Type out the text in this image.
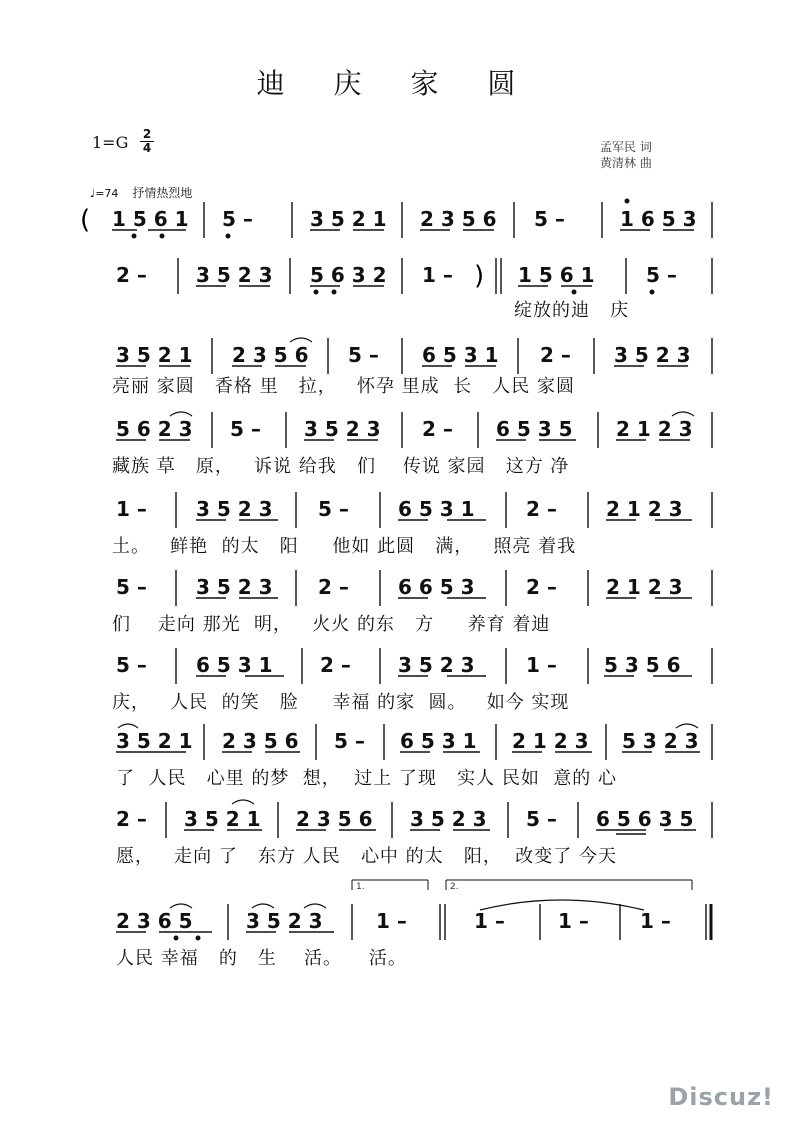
迪 庆 家 圆
$1=G \frac{2}{4}$	孟军民 词
黄清林 曲
♩=74 抒情热烈地
( 1 5 6 1 5 –	3 5 2 1 2 3 5 6 5 –	1 6 5 3
2 – 3 5 2 3 5 6 3 2 1 – ) 1 5 6 1	5 –
绽放的迪   庆
3 5 2 1 2 3 5 6 5 – 6 5 3 1 2 – 3 5 2 3
亮丽 家圆   香格 里   拉，   怀孕 里成  长   人民 家圆
5 6 2 3 5 – 3 5 2 3 2 – 6 5 3 5 2 1 2 3
藏族 草   原，   诉说 给我   们    传说 家园   这方 净
1 – 3 5 2 3 5 – 6 5 3 1	2 – 2 1 2 3
土。   鲜艳  的太   阳     他如 此圆   满，   照亮 着我
5 – 3 5 2 3 2 – 6 6 5 3	2 – 2 1 2 3
们    走向 那光  明，   火火 的东   方     养育 着迪
5 – 6 5 3 1 2 – 3 5 2 3	1 – 5 3 5 6
庆，   人民  的笑   脸     幸福 的家  圆。   如今 实现
3 5 2 1 2 3 5 6 5 – 6 5 3 1 2 1 2 3 5 3 2 3
了  人民   心里 的梦  想，  过上 了现   实人 民如  意的 心
2 – 3 5 2 1 2 3 5 6 3 5 2 3 5 – 6 5 6 3 5
愿，   走向 了   东方 人民   心中 的太   阳，  改变了 今天
1.	2.
2 3 6 5	3 5 2 3	1 –	1 –	1 –	1 –
人民 幸福   的   生    活。    活。
Discuz!
